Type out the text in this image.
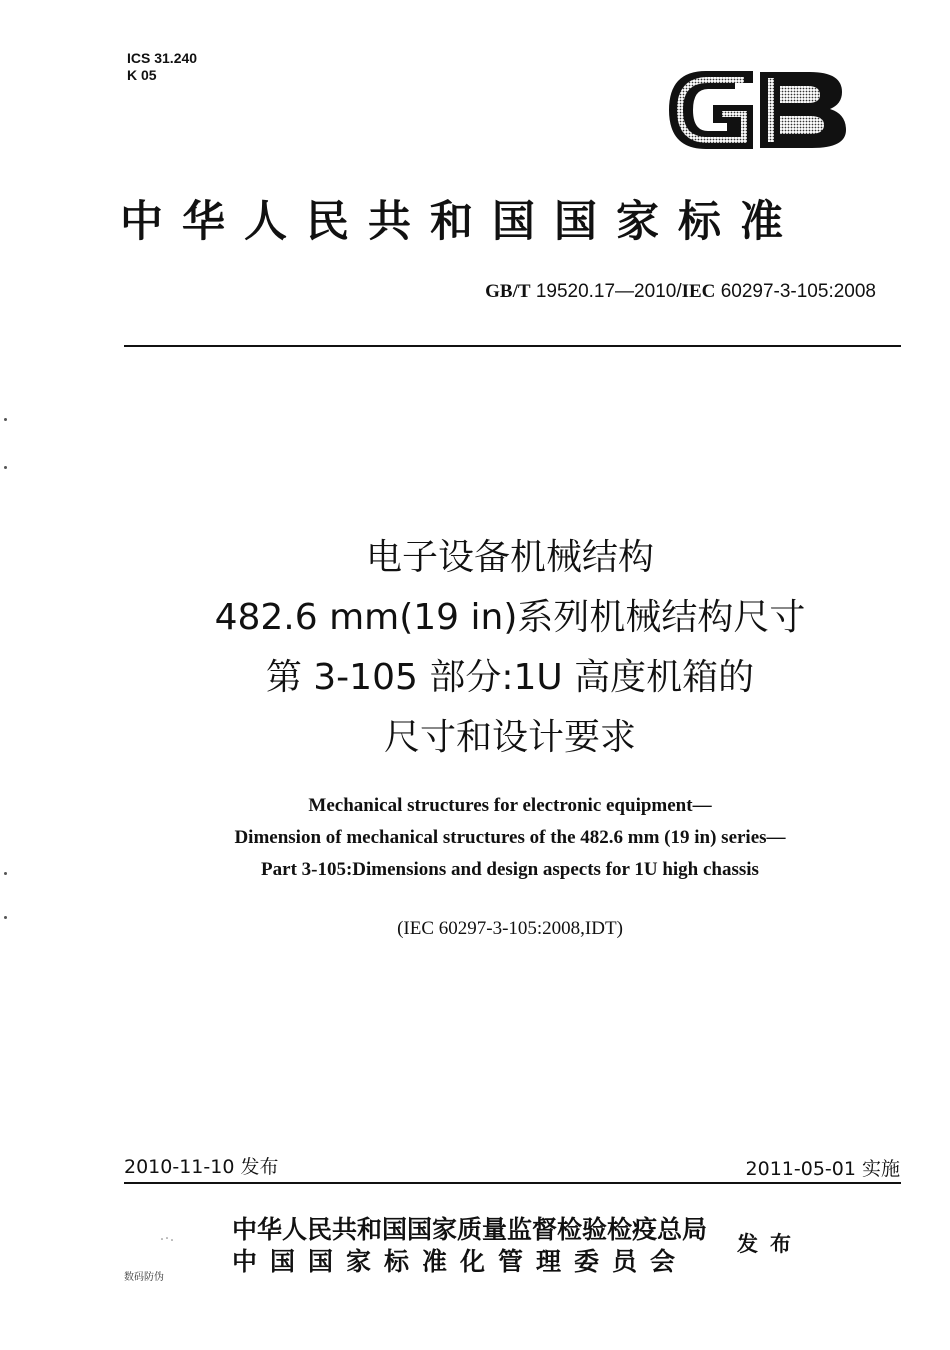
ICS 31.240
K 05
中华人民共和国国家标准
GB/T 19520.17—2010/IEC 60297-3-105:2008
电子设备机械结构
482.6 mm(19 in)系列机械结构尺寸
第 3-105 部分:1U 高度机箱的
尺寸和设计要求
Mechanical structures for electronic equipment—
Dimension of mechanical structures of the 482.6 mm (19 in) series—
Part 3-105:Dimensions and design aspects for 1U high chassis
(IEC 60297-3-105:2008,IDT)
2010-11-10 发布	2011-05-01 实施
中华人民共和国国家质量监督检验检疫总局
中国国家标准化管理委员会
发布
数码防伪
